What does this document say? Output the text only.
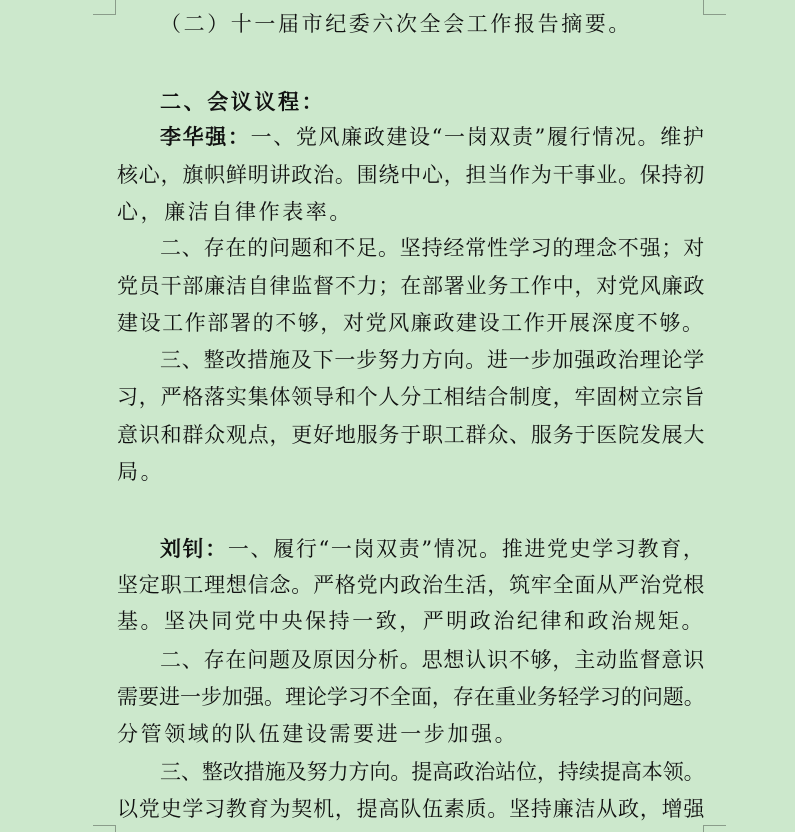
（二）十一届市纪委六次全会工作报告摘要。
二、会议议程：
李华强：一、党风廉政建设“一岗双责”履行情况。维护
核心，旗帜鲜明讲政治。围绕中心，担当作为干事业。保持初
心，廉洁自律作表率。
二、存在的问题和不足。坚持经常性学习的理念不强；对
党员干部廉洁自律监督不力；在部署业务工作中，对党风廉政
建设工作部署的不够，对党风廉政建设工作开展深度不够。
三、整改措施及下一步努力方向。进一步加强政治理论学
习，严格落实集体领导和个人分工相结合制度，牢固树立宗旨
意识和群众观点，更好地服务于职工群众、服务于医院发展大
局。
刘钊：一、履行“一岗双责”情况。推进党史学习教育，
坚定职工理想信念。严格党内政治生活，筑牢全面从严治党根
基。坚决同党中央保持一致，严明政治纪律和政治规矩。
二、存在问题及原因分析。思想认识不够，主动监督意识
需要进一步加强。理论学习不全面，存在重业务轻学习的问题。
分管领域的队伍建设需要进一步加强。
三、整改措施及努力方向。提高政治站位，持续提高本领。
以党史学习教育为契机，提高队伍素质。坚持廉洁从政，增强
